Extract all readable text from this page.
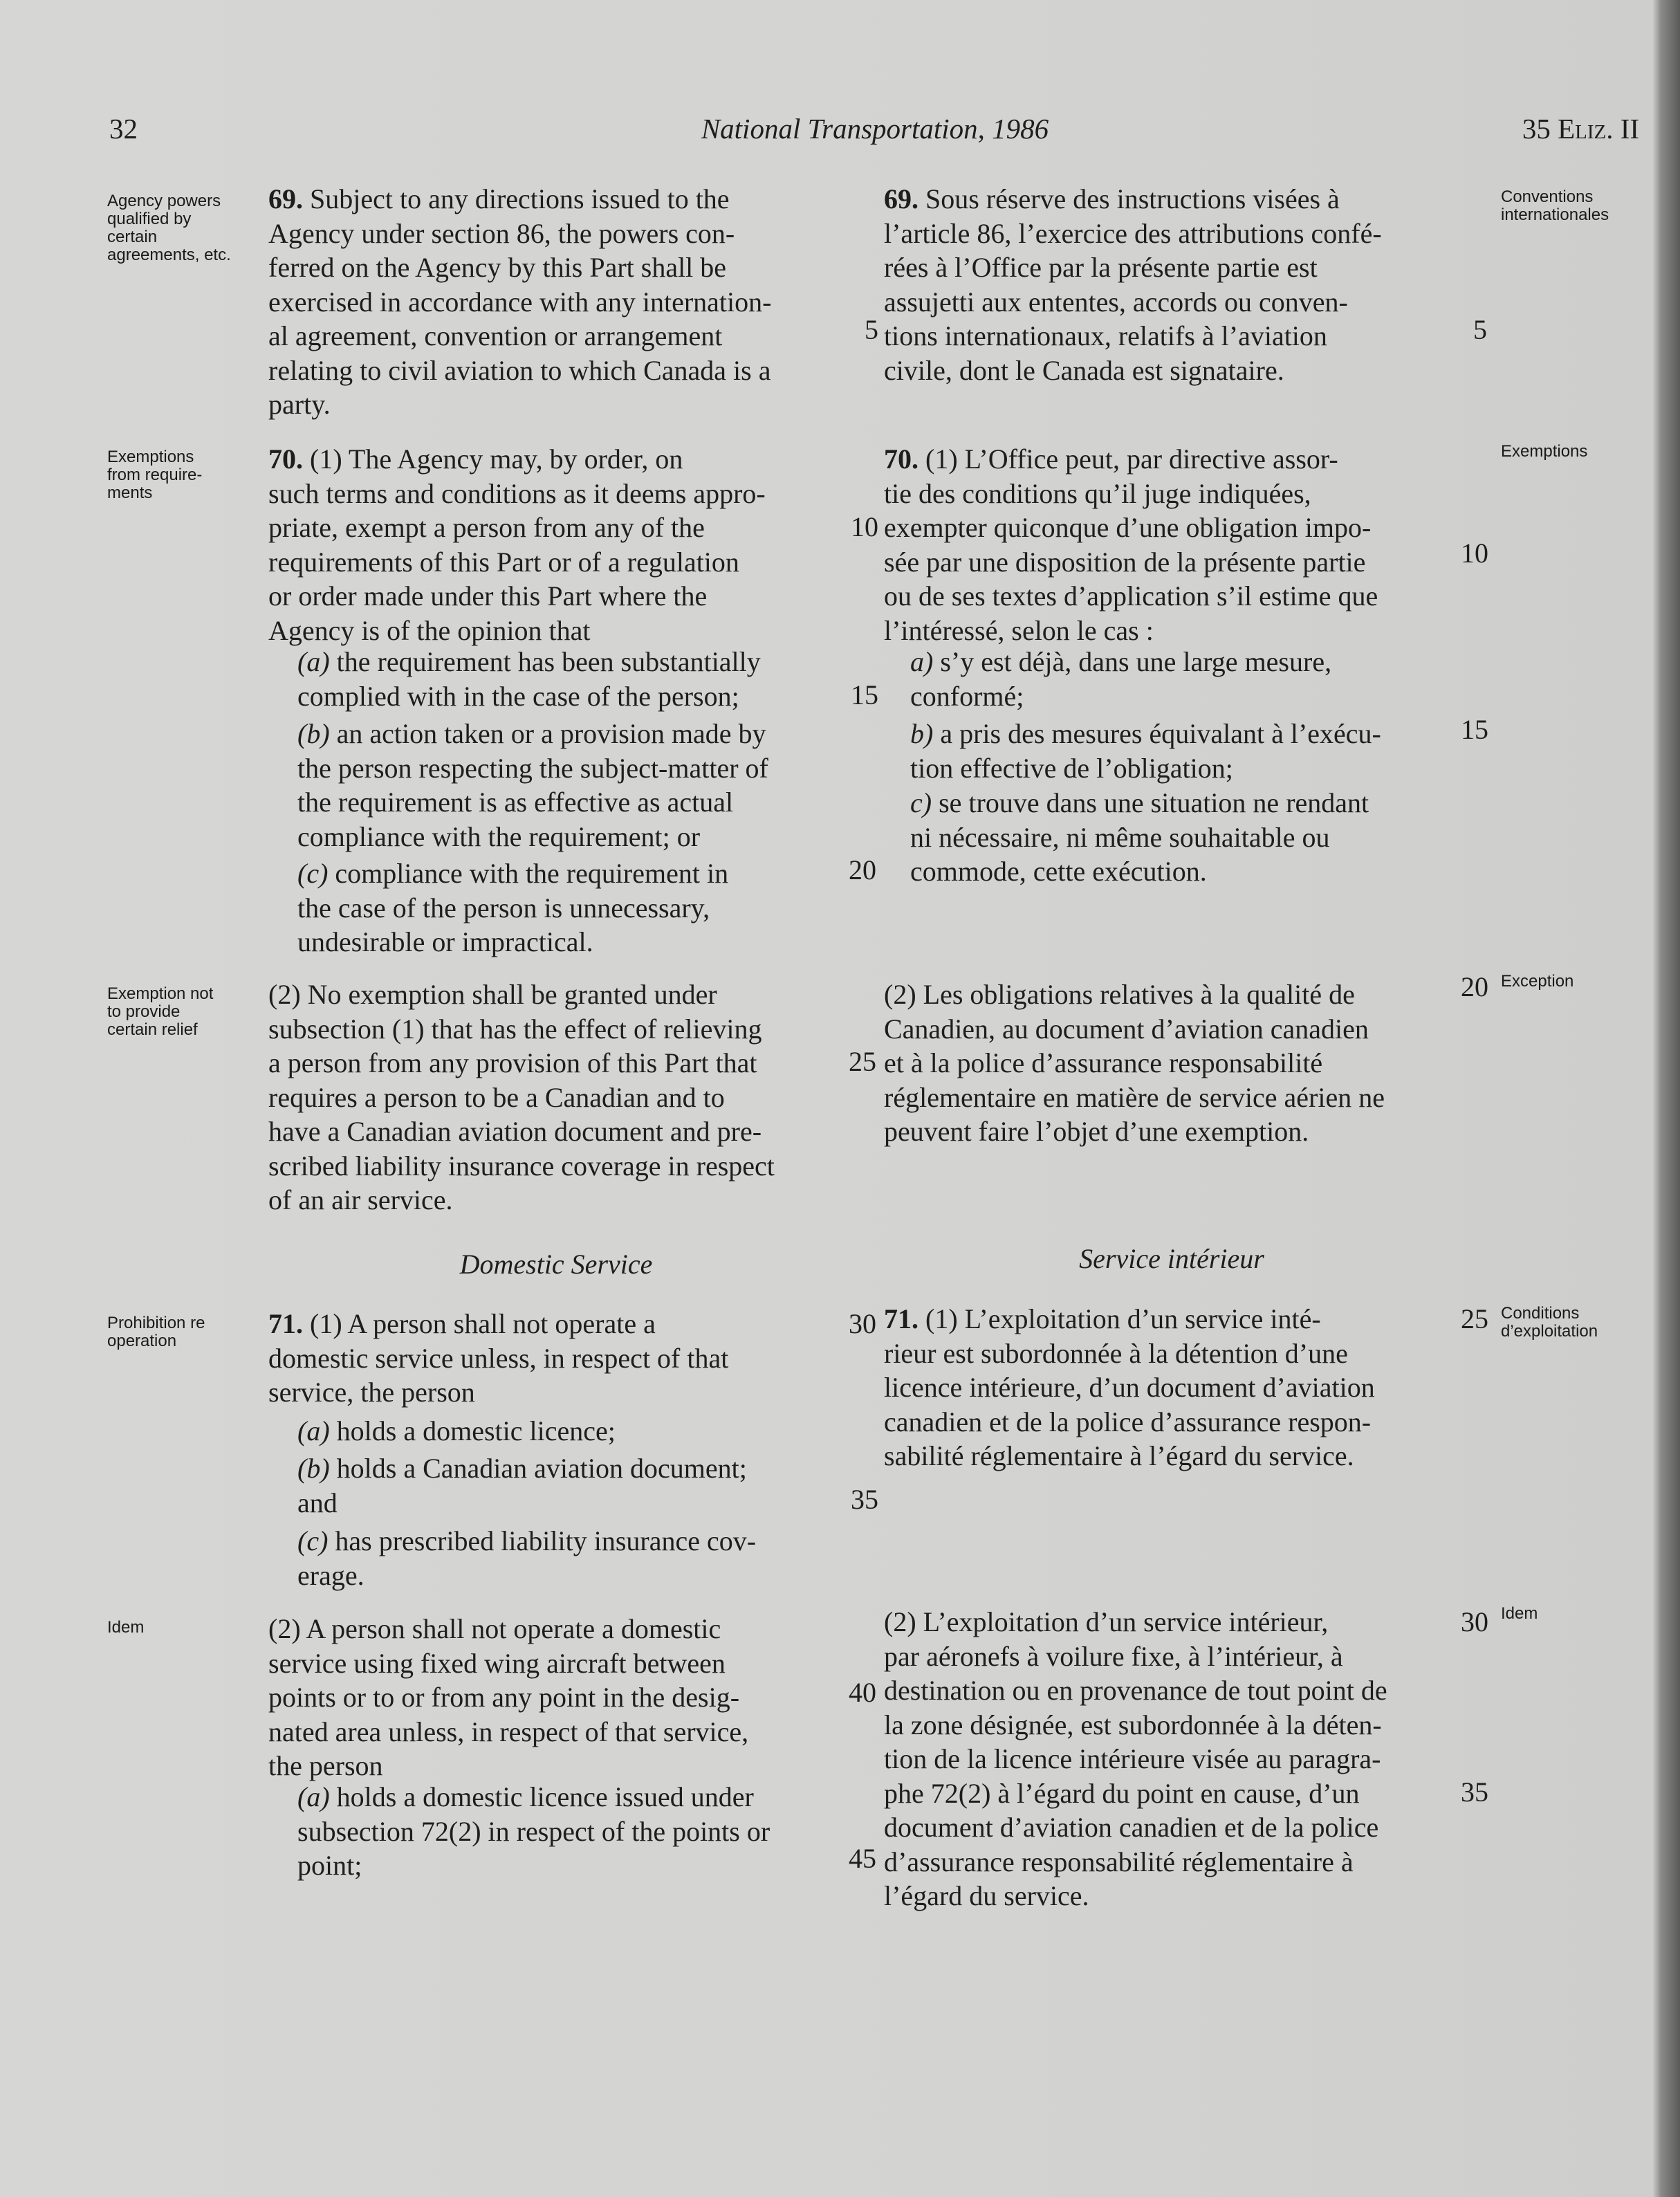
32	National Transportation, 1986	35 Eliz. II
Agency powers
qualified by
certain
agreements, etc.
Conventions
internationales
Exemptions
from require-
ments
Exemptions
Exemption not
to provide
certain relief
Exception
Prohibition re
operation
Conditions
d’exploitation
Idem
Idem
69. Subject to any directions issued to the
Agency under section 86, the powers con-
ferred on the Agency by this Part shall be
exercised in accordance with any internation-
al agreement, convention or arrangement
relating to civil aviation to which Canada is a
party.
70. (1) The Agency may, by order, on
such terms and conditions as it deems appro-
priate, exempt a person from any of the
requirements of this Part or of a regulation
or order made under this Part where the
Agency is of the opinion that
(a) the requirement has been substantially
complied with in the case of the person;
(b) an action taken or a provision made by
the person respecting the subject-matter of
the requirement is as effective as actual
compliance with the requirement; or
(c) compliance with the requirement in
the case of the person is unnecessary,
undesirable or impractical.
(2) No exemption shall be granted under
subsection (1) that has the effect of relieving
a person from any provision of this Part that
requires a person to be a Canadian and to
have a Canadian aviation document and pre-
scribed liability insurance coverage in respect
of an air service.
Domestic Service
71. (1) A person shall not operate a
domestic service unless, in respect of that
service, the person
(a) holds a domestic licence;
(b) holds a Canadian aviation document;
and
(c) has prescribed liability insurance cov-
erage.
(2) A person shall not operate a domestic
service using fixed wing aircraft between
points or to or from any point in the desig-
nated area unless, in respect of that service,
the person
(a) holds a domestic licence issued under
subsection 72(2) in respect of the points or
point;
69. Sous réserve des instructions visées à
l’article 86, l’exercice des attributions confé-
rées à l’Office par la présente partie est
assujetti aux ententes, accords ou conven-
tions internationaux, relatifs à l’aviation
civile, dont le Canada est signataire.
70. (1) L’Office peut, par directive assor-
tie des conditions qu’il juge indiquées,
exempter quiconque d’une obligation impo-
sée par une disposition de la présente partie
ou de ses textes d’application s’il estime que
l’intéressé, selon le cas :
a) s’y est déjà, dans une large mesure,
conformé;
b) a pris des mesures équivalant à l’exécu-
tion effective de l’obligation;
c) se trouve dans une situation ne rendant
ni nécessaire, ni même souhaitable ou
commode, cette exécution.
(2) Les obligations relatives à la qualité de
Canadien, au document d’aviation canadien
et à la police d’assurance responsabilité
réglementaire en matière de service aérien ne
peuvent faire l’objet d’une exemption.
Service intérieur
71. (1) L’exploitation d’un service inté-
rieur est subordonnée à la détention d’une
licence intérieure, d’un document d’aviation
canadien et de la police d’assurance respon-
sabilité réglementaire à l’égard du service.
(2) L’exploitation d’un service intérieur,
par aéronefs à voilure fixe, à l’intérieur, à
destination ou en provenance de tout point de
la zone désignée, est subordonnée à la déten-
tion de la licence intérieure visée au paragra-
phe 72(2) à l’égard du point en cause, d’un
document d’aviation canadien et de la police
d’assurance responsabilité réglementaire à
l’égard du service.
5
10
15
20
25
30
35
40
45
5
10
15
20
25
30
35
